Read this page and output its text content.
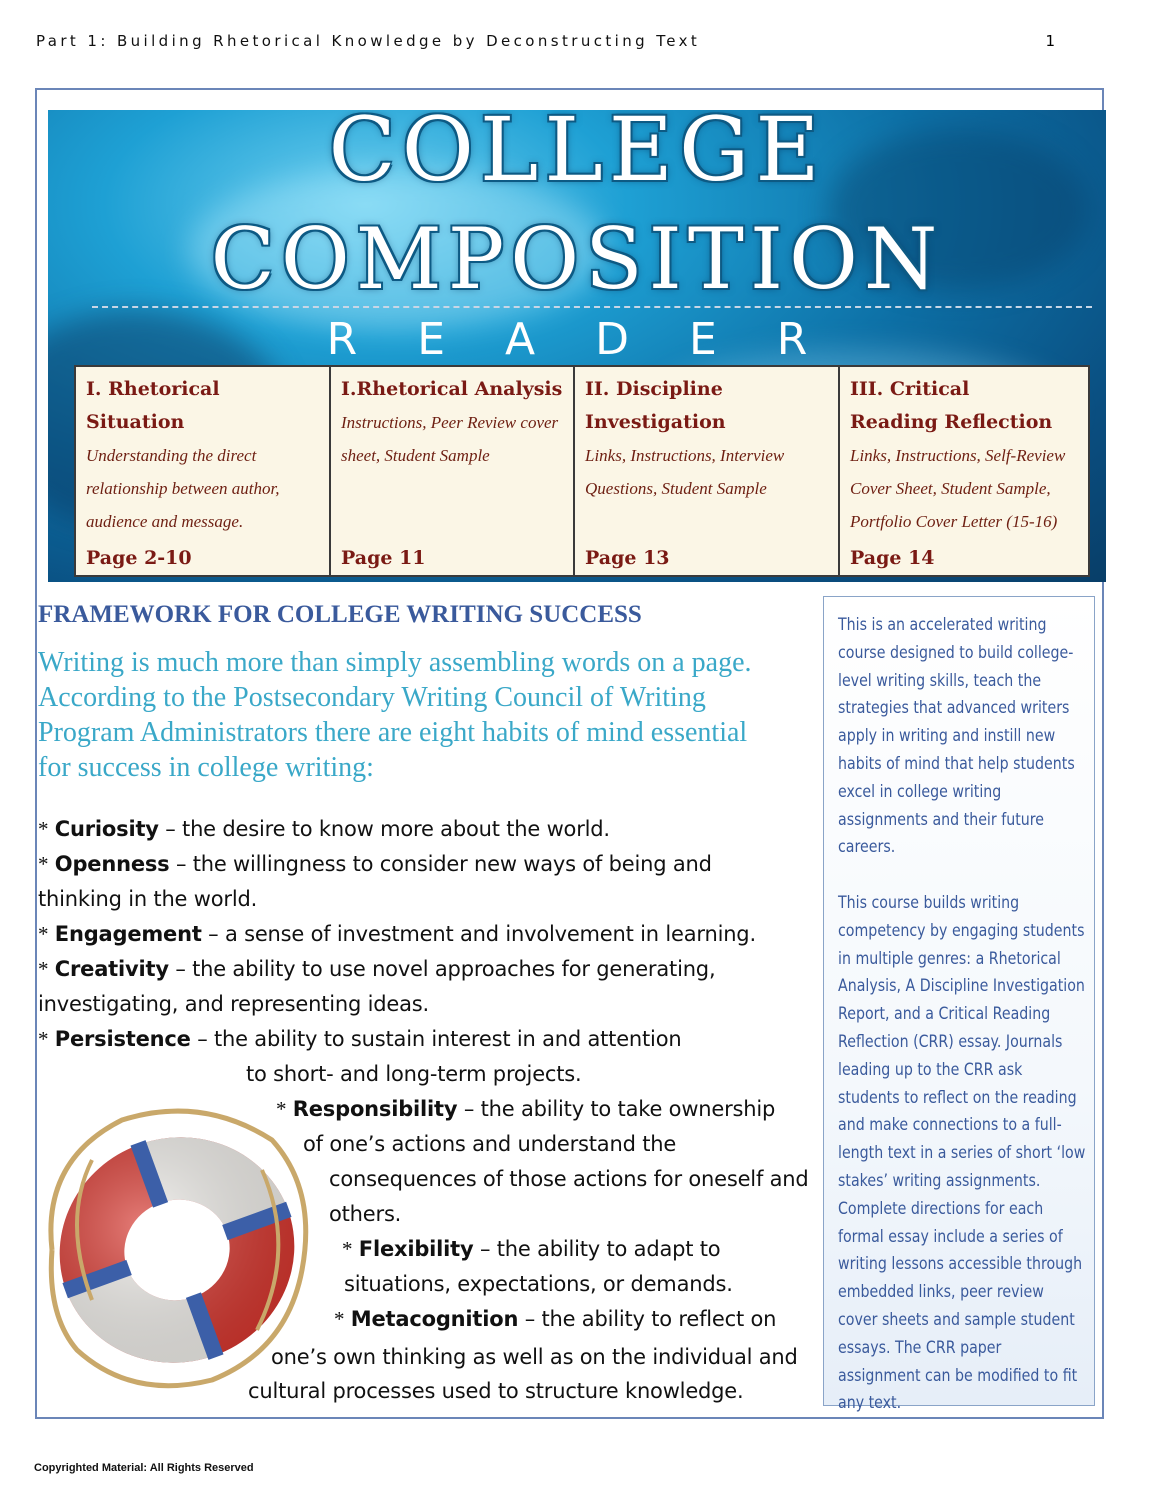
Part 1: Building Rhetorical Knowledge by Deconstructing Text	1
COLLEGE
COMPOSITION
READER
I. Rhetorical Situation
Understanding the direct relationship between author, audience and message.
Page 2-10

I.Rhetorical Analysis
Instructions, Peer Review cover sheet, Student Sample
Page 11

II. Discipline Investigation
Links, Instructions, Interview Questions, Student Sample
Page 13

III. Critical Reading Reflection
Links, Instructions, Self-Review Cover Sheet, Student Sample, Portfolio Cover Letter (15-16)
Page 14
FRAMEWORK FOR COLLEGE WRITING SUCCESS
Writing is much more than simply assembling words on a page. According to the Postsecondary Writing Council of Writing Program Administrators there are eight habits of mind essential for success in college writing:
* Curiosity – the desire to know more about the world.
* Openness – the willingness to consider new ways of being and
thinking in the world.
* Engagement – a sense of investment and involvement in learning.
* Creativity – the ability to use novel approaches for generating,
investigating, and representing ideas.
* Persistence – the ability to sustain interest in and attention
to short- and long-term projects.
* Responsibility – the ability to take ownership
of one’s actions and understand the
consequences of those actions for oneself and
others.
* Flexibility – the ability to adapt to
situations, expectations, or demands.
* Metacognition – the ability to reflect on
one’s own thinking as well as on the individual and
cultural processes used to structure knowledge.
This is an accelerated writing course designed to build college-level writing skills, teach the strategies that advanced writers apply in writing and instill new habits of mind that help students excel in college writing assignments and their future careers.
This course builds writing competency by engaging students in multiple genres: a Rhetorical Analysis, A Discipline Investigation Report, and a Critical Reading Reflection (CRR) essay. Journals leading up to the CRR ask students to reflect on the reading and make connections to a full-length text in a series of short ‘low stakes’ writing assignments. Complete directions for each formal essay include a series of writing lessons accessible through embedded links, peer review cover sheets and sample student essays. The CRR paper assignment can be modified to fit any text.
Copyrighted Material: All Rights Reserved
